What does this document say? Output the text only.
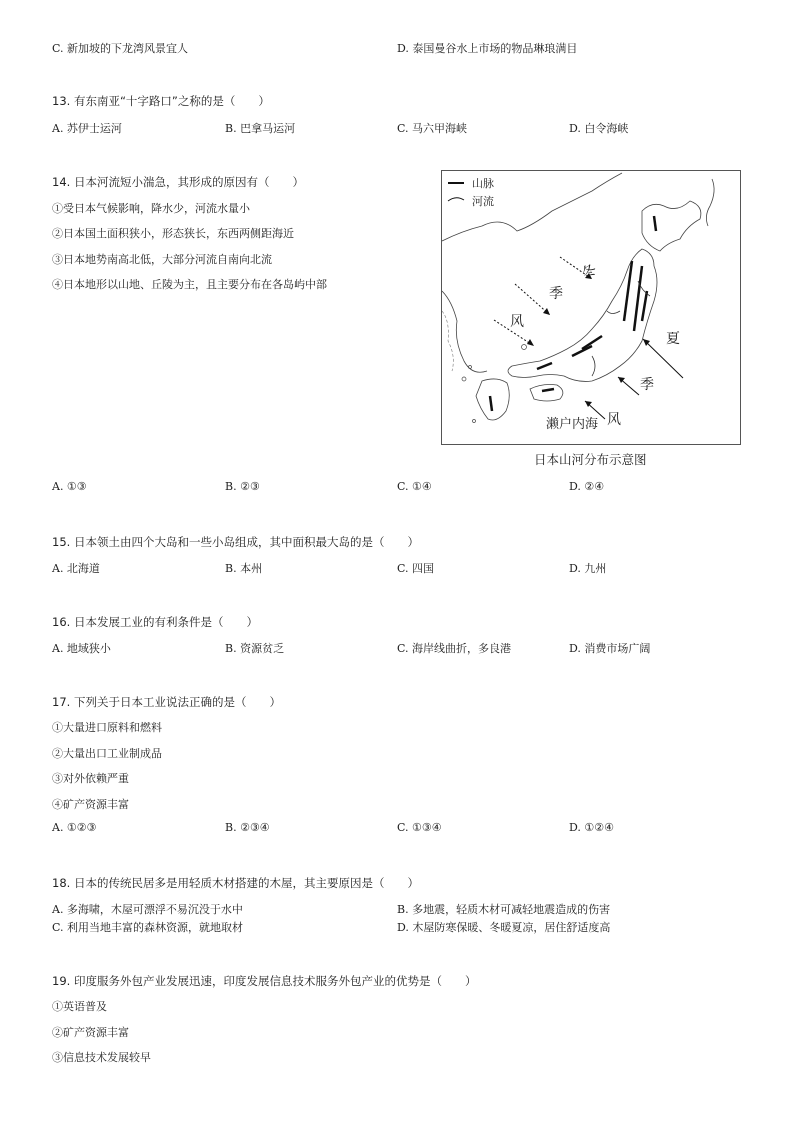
C. 新加坡的下龙湾风景宜人	D. 泰国曼谷水上市场的物品琳琅满目
13. 有东南亚“十字路口”之称的是（　　）
A. 苏伊士运河	B. 巴拿马运河	C. 马六甲海峡	D. 白令海峡
14. 日本河流短小湍急，其形成的原因有（　　）
①受日本气候影响，降水少，河流水量小
②日本国土面积狭小，形态狭长，东西两侧距海近
③日本地势南高北低，大部分河流自南向北流
④日本地形以山地、丘陵为主，且主要分布在各岛屿中部
山脉
河流
冬
季
风
夏
季
风
濑户内海
日本山河分布示意图
A. ①③	B. ②③	C. ①④	D. ②④
15. 日本领土由四个大岛和一些小岛组成，其中面积最大岛的是（　　）
A. 北海道	B. 本州	C. 四国	D. 九州
16. 日本发展工业的有利条件是（　　）
A. 地域狭小	B. 资源贫乏	C. 海岸线曲折，多良港	D. 消费市场广阔
17. 下列关于日本工业说法正确的是（　　）
①大量进口原料和燃料
②大量出口工业制成品
③对外依赖严重
④矿产资源丰富
A. ①②③	B. ②③④	C. ①③④	D. ①②④
18. 日本的传统民居多是用轻质木材搭建的木屋，其主要原因是（　　）
A. 多海啸，木屋可漂浮不易沉没于水中	B. 多地震，轻质木材可减轻地震造成的伤害
C. 利用当地丰富的森林资源，就地取材	D. 木屋防寒保暖、冬暖夏凉，居住舒适度高
19. 印度服务外包产业发展迅速，印度发展信息技术服务外包产业的优势是（　　）
①英语普及
②矿产资源丰富
③信息技术发展较早
